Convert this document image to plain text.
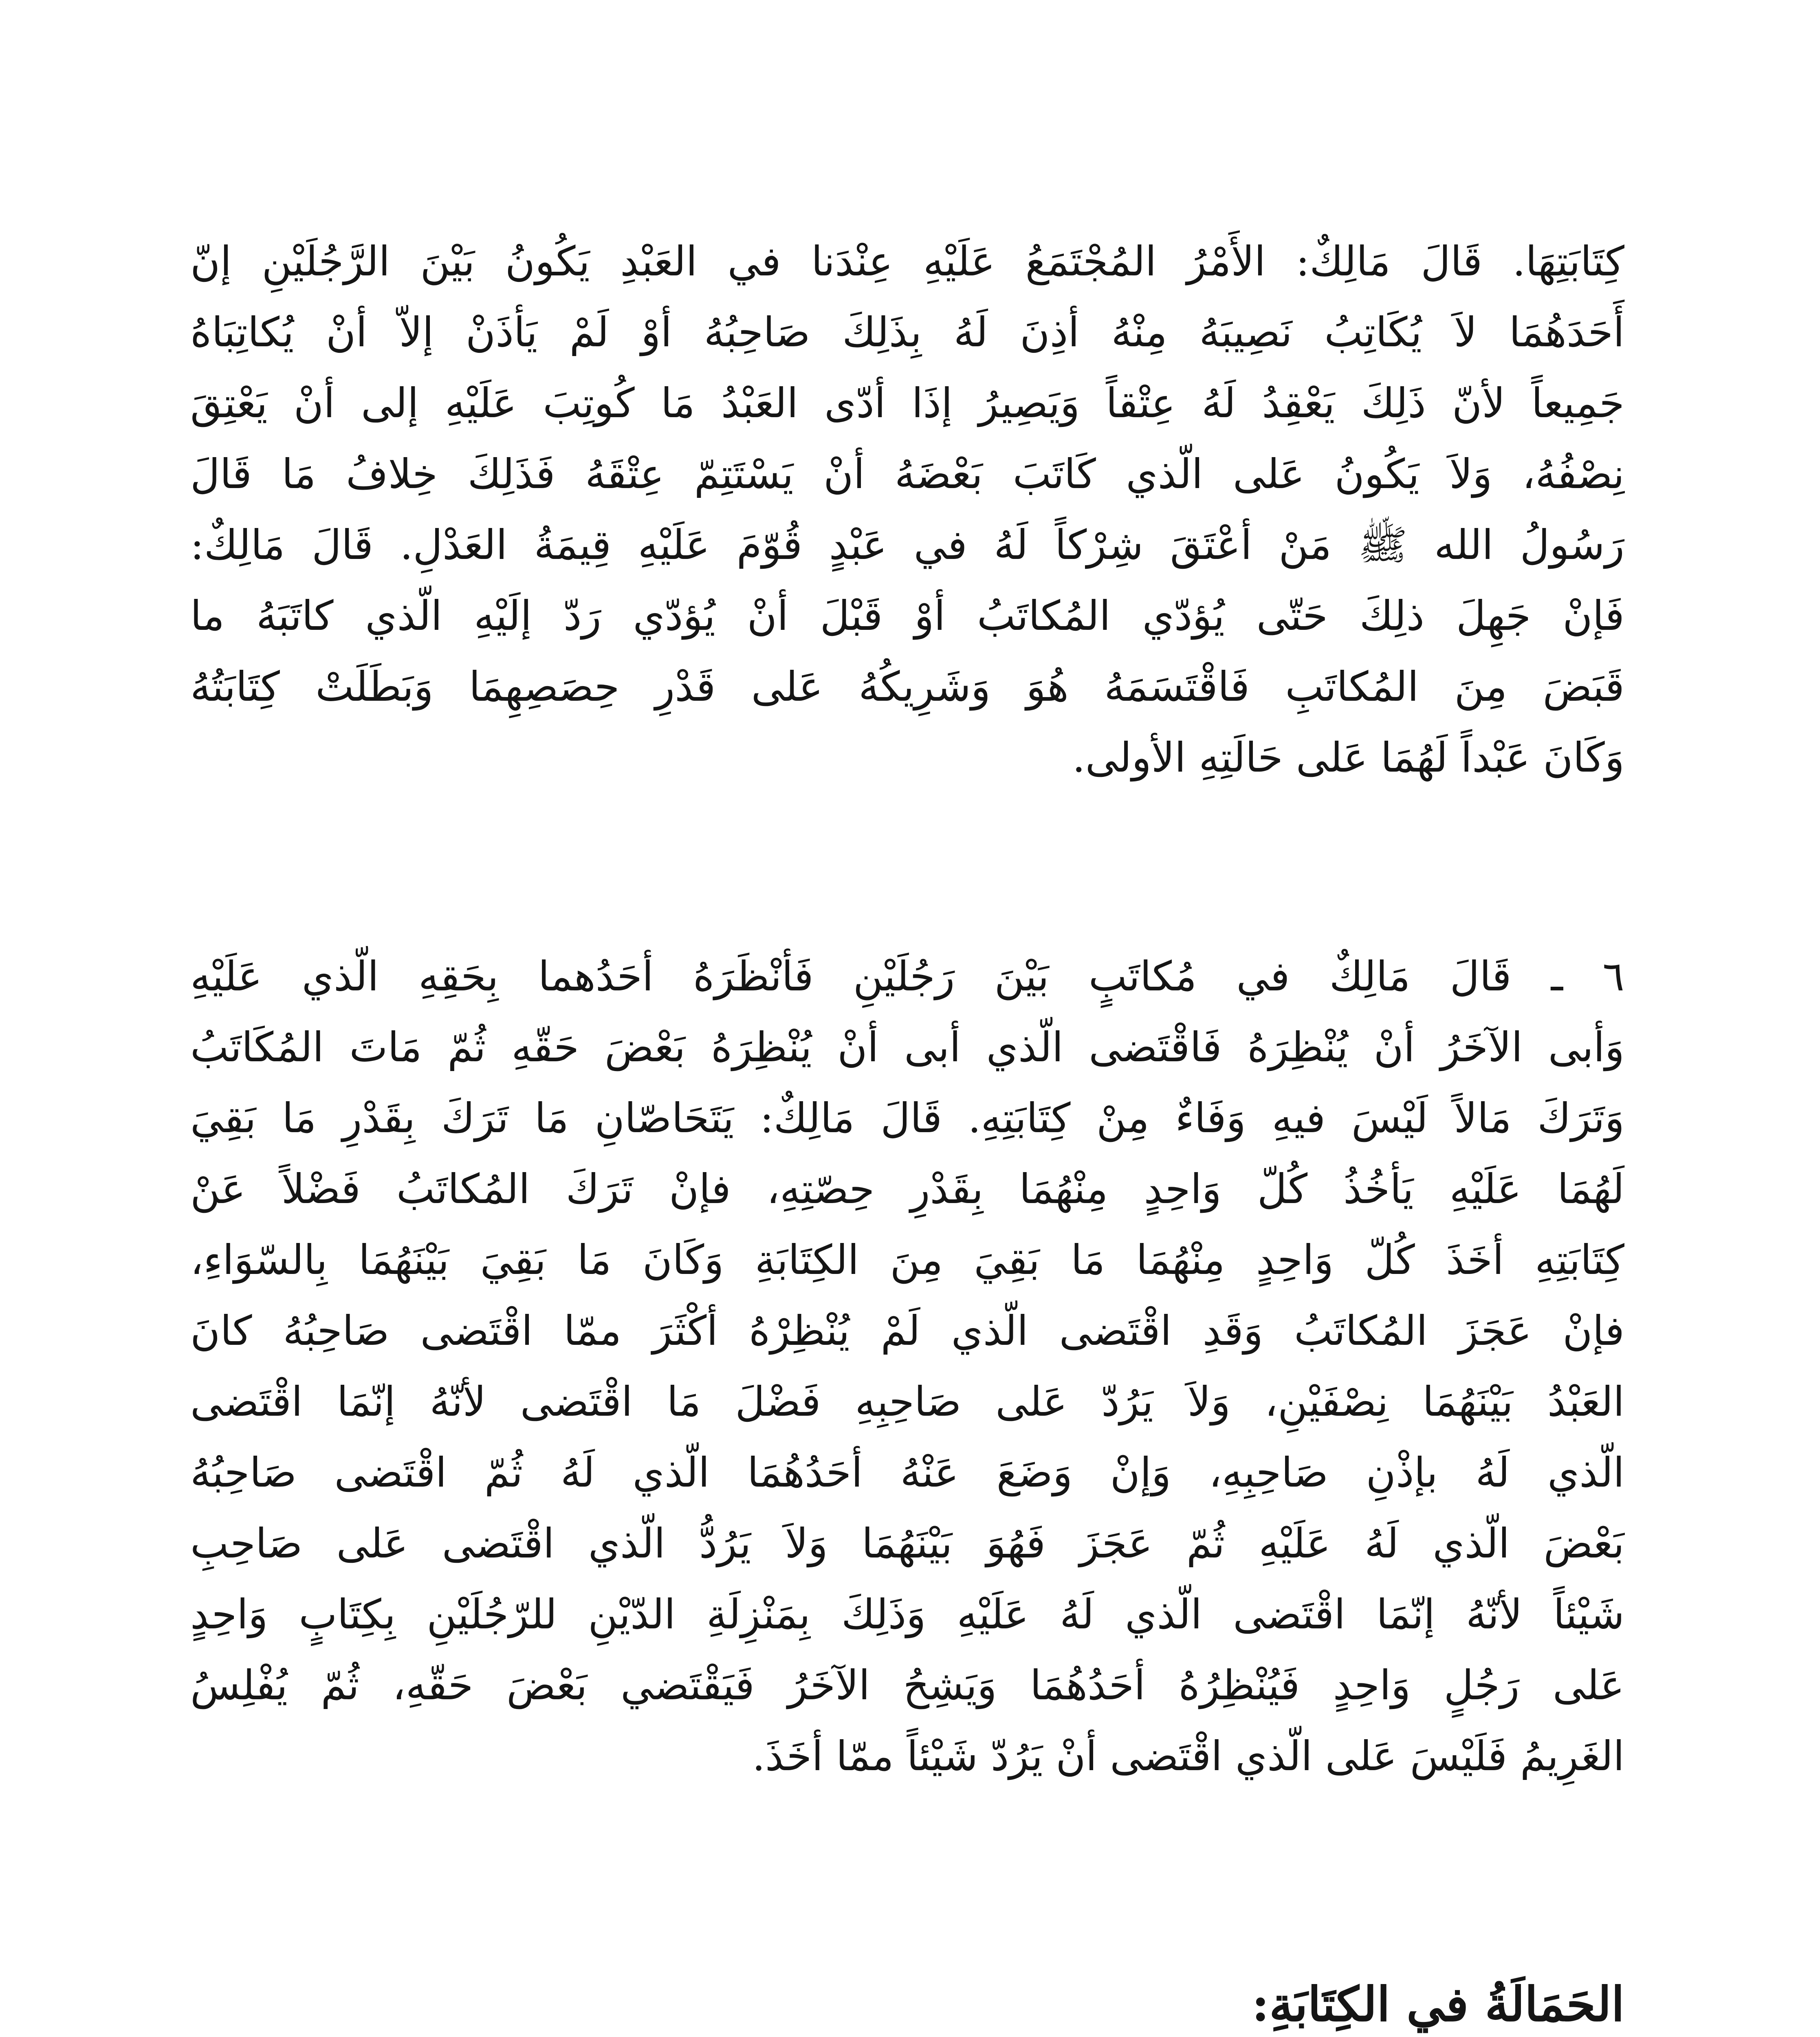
كِتَابَتِهَا. قَالَ مَالِكٌ: الأَمْرُ المُجْتَمَعُ عَلَيْهِ عِنْدَنا في العَبْدِ يَكُونُ بَيْنَ الرَّجُلَيْنِ إنّ
أَحَدَهُمَا لاَ يُكَاتِبُ نَصِيبَهُ مِنْهُ أذِنَ لَهُ بِذَلِكَ صَاحِبُهُ أوْ لَمْ يَأذَنْ إلاّ أنْ يُكاتِبَاهُ
جَمِيعاً لأنّ ذَلِكَ يَعْقِدُ لَهُ عِتْقاً وَيَصِيرُ إذَا أدّى العَبْدُ مَا كُوتِبَ عَلَيْهِ إلى أنْ يَعْتِقَ
نِصْفُهُ، وَلاَ يَكُونُ عَلى الّذي كَاتَبَ بَعْضَهُ أنْ يَسْتَتِمّ عِتْقَهُ فَذَلِكَ خِلافُ مَا قَالَ
رَسُولُ الله ﷺ مَنْ أعْتَقَ شِرْكاً لَهُ في عَبْدٍ قُوّمَ عَلَيْهِ قِيمَةُ العَدْلِ. قَالَ مَالِكٌ:
فَإنْ جَهِلَ ذلِكَ حَتّى يُؤدّي المُكاتَبُ أوْ قَبْلَ أنْ يُؤدّي رَدّ إلَيْهِ الّذي كاتَبَهُ ما
قَبَضَ مِنَ المُكاتَبِ فَاقْتَسَمَهُ هُوَ وَشَرِيكُهُ عَلى قَدْرِ حِصَصِهِمَا وَبَطَلَتْ كِتَابَتُهُ
وَكَانَ عَبْداً لَهُمَا عَلى حَالَتِهِ الأولى.
٦ ـ قَالَ مَالِكٌ في مُكاتَبٍ بَيْنَ رَجُلَيْنِ فَأنْظَرَهُ أحَدُهما بِحَقِهِ الّذي عَلَيْهِ
وَأبى الآخَرُ أنْ يُنْظِرَهُ فَاقْتَضى الّذي أبى أنْ يُنْظِرَهُ بَعْضَ حَقّهِ ثُمّ مَاتَ المُكَاتَبُ
وَتَرَكَ مَالاً لَيْسَ فيهِ وَفَاءٌ مِنْ كِتَابَتِهِ. قَالَ مَالِكٌ: يَتَحَاصّانِ مَا تَرَكَ بِقَدْرِ مَا بَقِيَ
لَهُمَا عَلَيْهِ يَأخُذُ كُلّ وَاحِدٍ مِنْهُمَا بِقَدْرِ حِصّتِهِ، فإنْ تَرَكَ المُكاتَبُ فَضْلاً عَنْ
كِتَابَتِهِ أخَذَ كُلّ وَاحِدٍ مِنْهُمَا مَا بَقِيَ مِنَ الكِتَابَةِ وَكَانَ مَا بَقِيَ بَيْنَهُمَا بِالسّوَاءِ،
فإنْ عَجَزَ المُكاتَبُ وَقَدِ اقْتَضى الّذي لَمْ يُنْظِرْهُ أكْثَرَ ممّا اقْتَضى صَاحِبُهُ كانَ
العَبْدُ بَيْنَهُمَا نِصْفَيْنِ، وَلاَ يَرُدّ عَلى صَاحِبِهِ فَضْلَ مَا اقْتَضى لأنّهُ إنّمَا اقْتَضى
الّذي لَهُ بإذْنِ صَاحِبِهِ، وَإنْ وَضَعَ عَنْهُ أحَدُهُمَا الّذي لَهُ ثُمّ اقْتَضى صَاحِبُهُ
بَعْضَ الّذي لَهُ عَلَيْهِ ثُمّ عَجَزَ فَهُوَ بَيْنَهُمَا وَلاَ يَرُدُّ الّذي اقْتَضى عَلى صَاحِبِ
شَيْئاً لأنّهُ إنّمَا اقْتَضى الّذي لَهُ عَلَيْهِ وَذَلِكَ بِمَنْزِلَةِ الدّيْنِ للرّجُلَيْنِ بِكِتَابٍ وَاحِدٍ
عَلى رَجُلٍ وَاحِدٍ فَيُنْظِرُهُ أحَدُهُمَا وَيَشِحُ الآخَرُ فَيَقْتَضي بَعْضَ حَقّهِ، ثُمّ يُفْلِسُ
الغَرِيمُ فَلَيْسَ عَلى الّذي اقْتَضى أنْ يَرُدّ شَيْئاً ممّا أخَذَ.
الحَمَالَةُ في الكِتَابَةِ:
